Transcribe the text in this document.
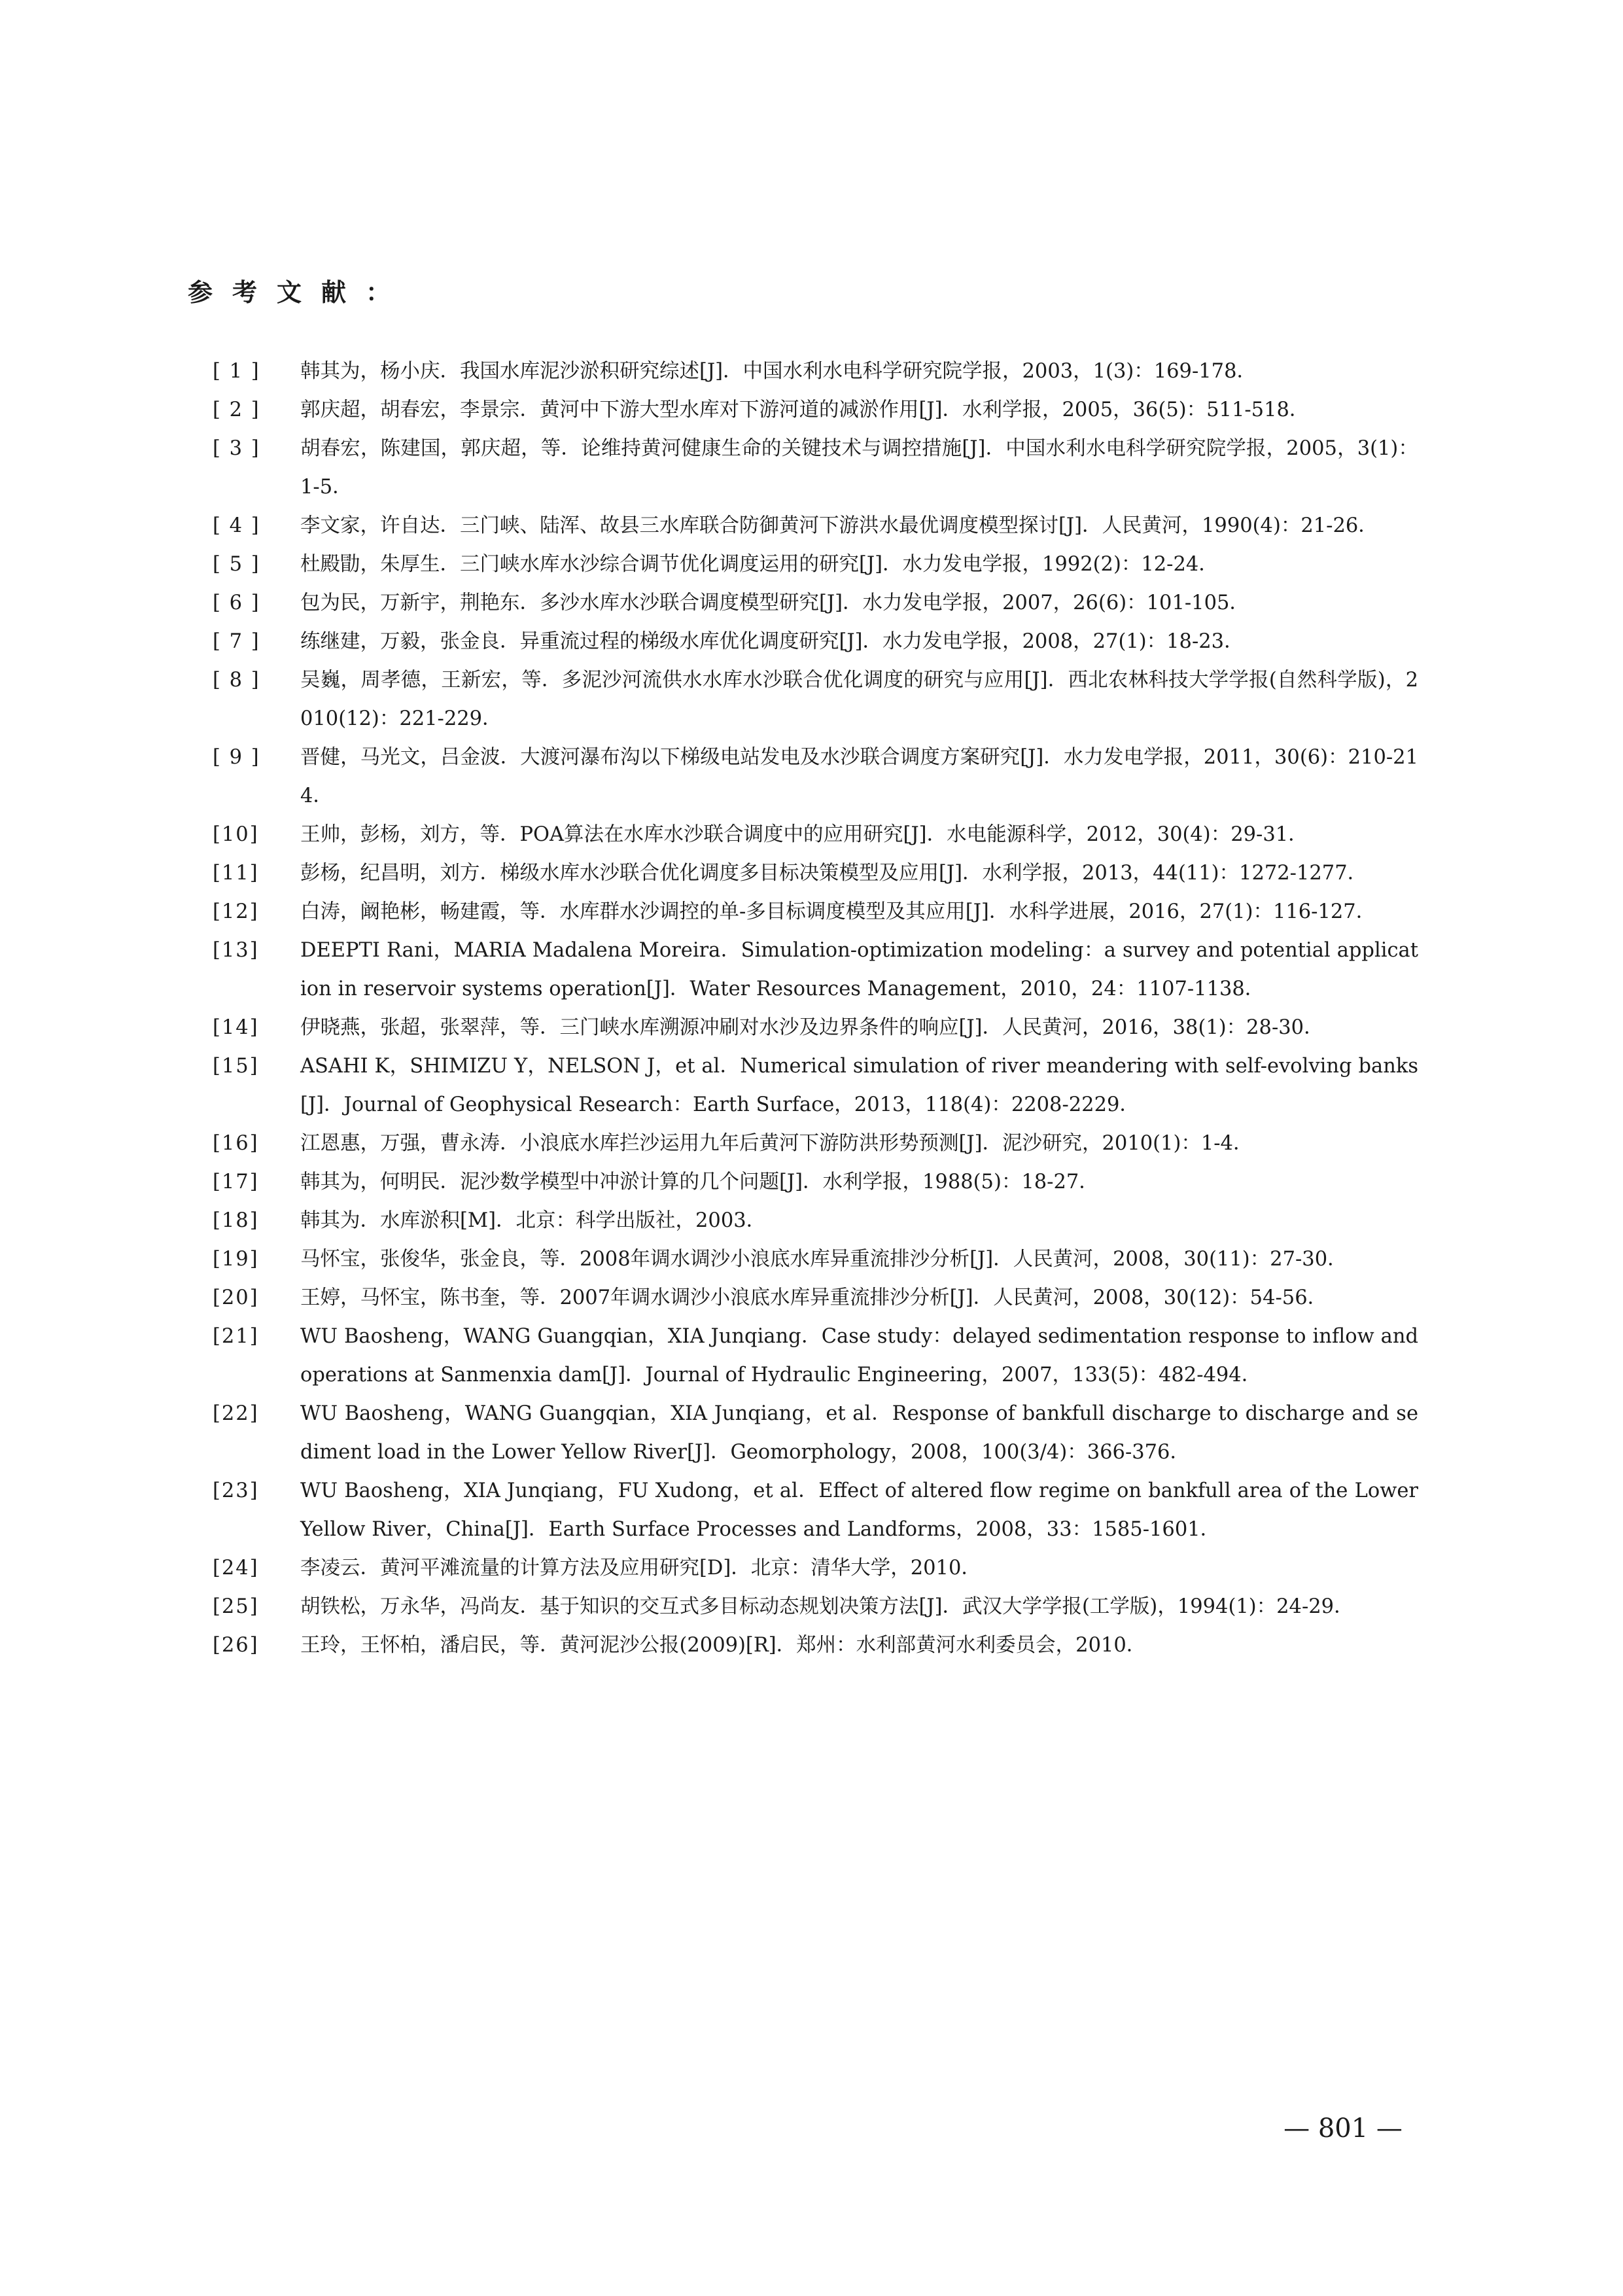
参考文献：
[ 1 ]	韩其为，杨小庆．我国水库泥沙淤积研究综述[J]．中国水利水电科学研究院学报，2003，1(3)：169-178．
[ 2 ]	郭庆超，胡春宏，李景宗．黄河中下游大型水库对下游河道的减淤作用[J]．水利学报，2005，36(5)：511-518．
[ 3 ]	胡春宏，陈建国，郭庆超，等．论维持黄河健康生命的关键技术与调控措施[J]．中国水利水电科学研究院学报，2005，3(1)：1-5．
[ 4 ]	李文家，许自达．三门峡、陆浑、故县三水库联合防御黄河下游洪水最优调度模型探讨[J]．人民黄河，1990(4)：21-26．
[ 5 ]	杜殿勖，朱厚生．三门峡水库水沙综合调节优化调度运用的研究[J]．水力发电学报，1992(2)：12-24．
[ 6 ]	包为民，万新宇，荆艳东．多沙水库水沙联合调度模型研究[J]．水力发电学报，2007，26(6)：101-105．
[ 7 ]	练继建，万毅，张金良．异重流过程的梯级水库优化调度研究[J]．水力发电学报，2008，27(1)：18-23．
[ 8 ]	吴巍，周孝德，王新宏，等．多泥沙河流供水水库水沙联合优化调度的研究与应用[J]．西北农林科技大学学报(自然科学版)，2010(12)：221-229．
[ 9 ]	晋健，马光文，吕金波．大渡河瀑布沟以下梯级电站发电及水沙联合调度方案研究[J]．水力发电学报，2011，30(6)：210-214．
[10]	王帅，彭杨，刘方，等．POA算法在水库水沙联合调度中的应用研究[J]．水电能源科学，2012，30(4)：29-31．
[11]	彭杨，纪昌明，刘方．梯级水库水沙联合优化调度多目标决策模型及应用[J]．水利学报，2013，44(11)：1272-1277．
[12]	白涛，阚艳彬，畅建霞，等．水库群水沙调控的单-多目标调度模型及其应用[J]．水科学进展，2016，27(1)：116-127．
[13]	DEEPTI Rani，MARIA Madalena Moreira．Simulation-optimization modeling：a survey and potential application in reservoir systems operation[J]．Water Resources Management，2010，24：1107-1138．
[14]	伊晓燕，张超，张翠萍，等．三门峡水库溯源冲刷对水沙及边界条件的响应[J]．人民黄河，2016，38(1)：28-30．
[15]	ASAHI K，SHIMIZU Y，NELSON J，et al．Numerical simulation of river meandering with self-evolving banks [J]．Journal of Geophysical Research：Earth Surface，2013，118(4)：2208-2229．
[16]	江恩惠，万强，曹永涛．小浪底水库拦沙运用九年后黄河下游防洪形势预测[J]．泥沙研究，2010(1)：1-4．
[17]	韩其为，何明民．泥沙数学模型中冲淤计算的几个问题[J]．水利学报，1988(5)：18-27．
[18]	韩其为．水库淤积[M]．北京：科学出版社，2003．
[19]	马怀宝，张俊华，张金良，等．2008年调水调沙小浪底水库异重流排沙分析[J]．人民黄河，2008，30(11)：27-30．
[20]	王婷，马怀宝，陈书奎，等．2007年调水调沙小浪底水库异重流排沙分析[J]．人民黄河，2008，30(12)：54-56．
[21]	WU Baosheng，WANG Guangqian，XIA Junqiang．Case study：delayed sedimentation response to inflow and operations at Sanmenxia dam[J]．Journal of Hydraulic Engineering，2007，133(5)：482-494．
[22]	WU Baosheng，WANG Guangqian，XIA Junqiang，et al．Response of bankfull discharge to discharge and sediment load in the Lower Yellow River[J]．Geomorphology，2008，100(3/4)：366-376．
[23]	WU Baosheng，XIA Junqiang，FU Xudong，et al．Effect of altered flow regime on bankfull area of the Lower Yellow River，China[J]．Earth Surface Processes and Landforms，2008，33：1585-1601．
[24]	李凌云．黄河平滩流量的计算方法及应用研究[D]．北京：清华大学，2010．
[25]	胡铁松，万永华，冯尚友．基于知识的交互式多目标动态规划决策方法[J]．武汉大学学报(工学版)，1994(1)：24-29．
[26]	王玲，王怀柏，潘启民，等．黄河泥沙公报(2009)[R]．郑州：水利部黄河水利委员会，2010．
— 801 —
